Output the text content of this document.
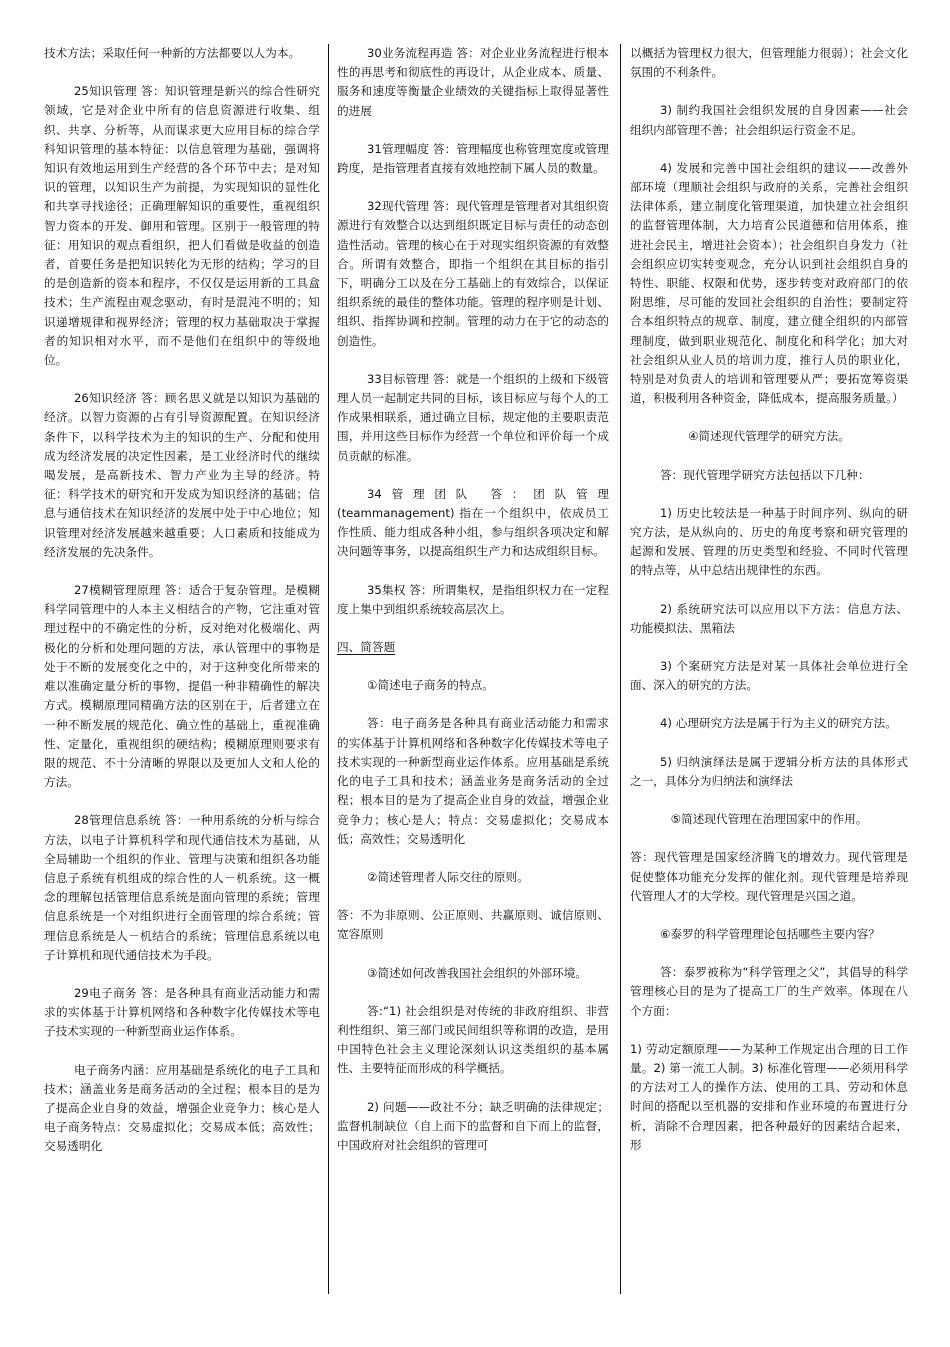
技术方法；采取任何一种新的方法都要以人为本。

25知识管理 答：知识管理是新兴的综合性研究领域，它是对企业中所有的信息资源进行收集、组织、共享、分析等，从而谋求更大应用目标的综合学科知识管理的基本特征：以信息管理为基础，强调将知识有效地运用到生产经营的各个环节中去；是对知识的管理，以知识生产为前提，为实现知识的显性化和共享寻找途径；正确理解知识的重要性，重视组织智力资本的开发、御用和管理。区别于一般管理的特征：用知识的观点看组织，把人们看做是收益的创造者，首要任务是把知识转化为无形的结构；学习的目的是创造新的资本和程序，不仅仅是运用新的工具盒技术；生产流程由观念驱动，有时是混沌不明的；知识递增规律和视界经济；管理的权力基础取决于掌握者的知识相对水平，而不是他们在组织中的等级地位。

26知识经济 答：顾名思义就是以知识为基础的经济。以智力资源的占有引导资源配置。在知识经济条件下，以科学技术为主的知识的生产、分配和使用成为经济发展的决定性因素，是工业经济时代的继续喝发展，是高新技术、智力产业为主导的经济。特征：科学技术的研究和开发成为知识经济的基础；信息与通信技术在知识经济的发展中处于中心地位；知识管理对经济发展越来越重要；人口素质和技能成为经济发展的先决条件。

27模糊管理原理 答：适合于复杂管理。是模糊科学同管理中的人本主义相结合的产物，它注重对管理过程中的不确定性的分析，反对绝对化极端化、两极化的分析和处理问题的方法，承认管理中的事物是处于不断的发展变化之中的，对于这种变化所带来的难以准确定量分析的事物，提倡一种非精确性的解决方式。模糊原理同精确方法的区别在于，后者建立在一种不断发展的规范化、确立性的基础上，重视准确性、定量化，重视组织的硬结构；模糊原理则要求有限的规范、不十分清晰的界限以及更加人文和人伦的方法。

28管理信息系统 答：一种用系统的分析与综合方法，以电子计算机科学和现代通信技术为基础，从全局辅助一个组织的作业、管理与决策和组织各功能信息子系统有机组成的综合性的人－机系统。这一概念的理解包括管理信息系统是面向管理的系统；管理信息系统是一个对组织进行全面管理的综合系统；管理信息系统是人－机结合的系统；管理信息系统以电子计算机和现代通信技术为手段。

29电子商务 答：是各种具有商业活动能力和需求的实体基于计算机网络和各种数字化传媒技术等电子技术实现的一种新型商业运作体系。

电子商务内涵：应用基础是系统化的电子工具和技术；涵盖业务是商务活动的全过程；根本目的是为了提高企业自身的效益，增强企业竞争力；核心是人电子商务特点：交易虚拟化；交易成本低；高效性；交易透明化

30业务流程再造 答：对企业业务流程进行根本性的再思考和彻底性的再设计，从企业成本、质量、服务和速度等衡量企业绩效的关键指标上取得显著性的进展

31管理幅度 答：管理幅度也称管理宽度或管理跨度，是指管理者直接有效地控制下属人员的数量。

32现代管理 答：现代管理是管理者对其组织资源进行有效整合以达到组织既定目标与责任的动态创造性活动。管理的核心在于对现实组织资源的有效整合。所谓有效整合，即指一个组织在其目标的指引下，明确分工以及在分工基础上的有效综合，以保证组织系统的最佳的整体功能。管理的程序则是计划、组织、指挥协调和控制。管理的动力在于它的动态的创造性。

33目标管理 答：就是一个组织的上级和下级管理人员一起制定共同的目标，该目标应与每个人的工作成果相联系，通过确立目标，规定他的主要职责范围，并用这些目标作为经营一个单位和评价每一个成员贡献的标准。

34管理团队 答：团队管理(teammanagement) 指在一个组织中，依成员工作性质、能力组成各种小组，参与组织各项决定和解决问题等事务，以提高组织生产力和达成组织目标。

35集权 答：所谓集权，是指组织权力在一定程度上集中到组织系统较高层次上。

四、简答题

①简述电子商务的特点。

答：电子商务是各种具有商业活动能力和需求的实体基于计算机网络和各种数字化传媒技术等电子技术实现的一种新型商业运作体系。应用基础是系统化的电子工具和技术；涵盖业务是商务活动的全过程；根本目的是为了提高企业自身的效益，增强企业竞争力；核心是人；特点：交易虚拟化；交易成本低；高效性；交易透明化

②简述管理者人际交往的原则。

答：不为非原则、公正原则、共赢原则、诚信原则、宽容原则

③简述如何改善我国社会组织的外部环境。

答:“1) 社会组织是对传统的非政府组织、非营利性组织、第三部门或民间组织等称谓的改造，是用中国特色社会主义理论深刻认识这类组织的基本属性、主要特征而形成的科学概括。

2) 问题——政社不分；缺乏明确的法律规定；监督机制缺位（自上而下的监督和自下而上的监督，中国政府对社会组织的管理可

以概括为管理权力很大，但管理能力很弱）；社会文化氛围的不利条件。

3) 制约我国社会组织发展的自身因素——社会组织内部管理不善；社会组织运行资金不足。

4) 发展和完善中国社会组织的建议——改善外部环境（理顺社会组织与政府的关系，完善社会组织法律体系，建立制度化管理渠道，加快建立社会组织的监督管理体制，大力培育公民道德和信用体系，推进社会民主，增进社会资本）；社会组织自身发力（社会组织应切实转变观念，充分认识到社会组织自身的特性、职能、权限和优势，逐步转变对政府部门的依附思维，尽可能的发回社会组织的自治性；要制定符合本组织特点的规章、制度，建立健全组织的内部管理制度，做到职业规范化、制度化和科学化；加大对社会组织从业人员的培训力度，推行人员的职业化，特别是对负责人的培训和管理要从严；要拓宽筹资渠道，积极利用各种资金，降低成本，提高服务质量。）

④简述现代管理学的研究方法。

答：现代管理学研究方法包括以下几种：

1) 历史比较法是一种基于时间序列、纵向的研究方法，是从纵向的、历史的角度考察和研究管理的起源和发展、管理的历史类型和经验、不同时代管理的特点等，从中总结出规律性的东西。

2) 系统研究法可以应用以下方法：信息方法、功能模拟法、黑箱法

3) 个案研究方法是对某一具体社会单位进行全面、深入的研究的方法。

4) 心理研究方法是属于行为主义的研究方法。

5) 归纳演绎法是属于逻辑分析方法的具体形式之一，具体分为归纳法和演绎法

⑤简述现代管理在治理国家中的作用。

答：现代管理是国家经济腾飞的增效力。现代管理是促使整体功能充分发挥的催化剂。现代管理是培养现代管理人才的大学校。现代管理是兴国之道。

⑥泰罗的科学管理理论包括哪些主要内容？

答：泰罗被称为“科学管理之父”，其倡导的科学管理核心目的是为了提高工厂的生产效率。体现在八个方面：

1) 劳动定额原理——为某种工作规定出合理的日工作量。2) 第一流工人制。3) 标准化管理——必须用科学的方法对工人的操作方法、使用的工具、劳动和休息时间的搭配以至机器的安排和作业环境的布置进行分析，消除不合理因素，把各种最好的因素结合起来，形
